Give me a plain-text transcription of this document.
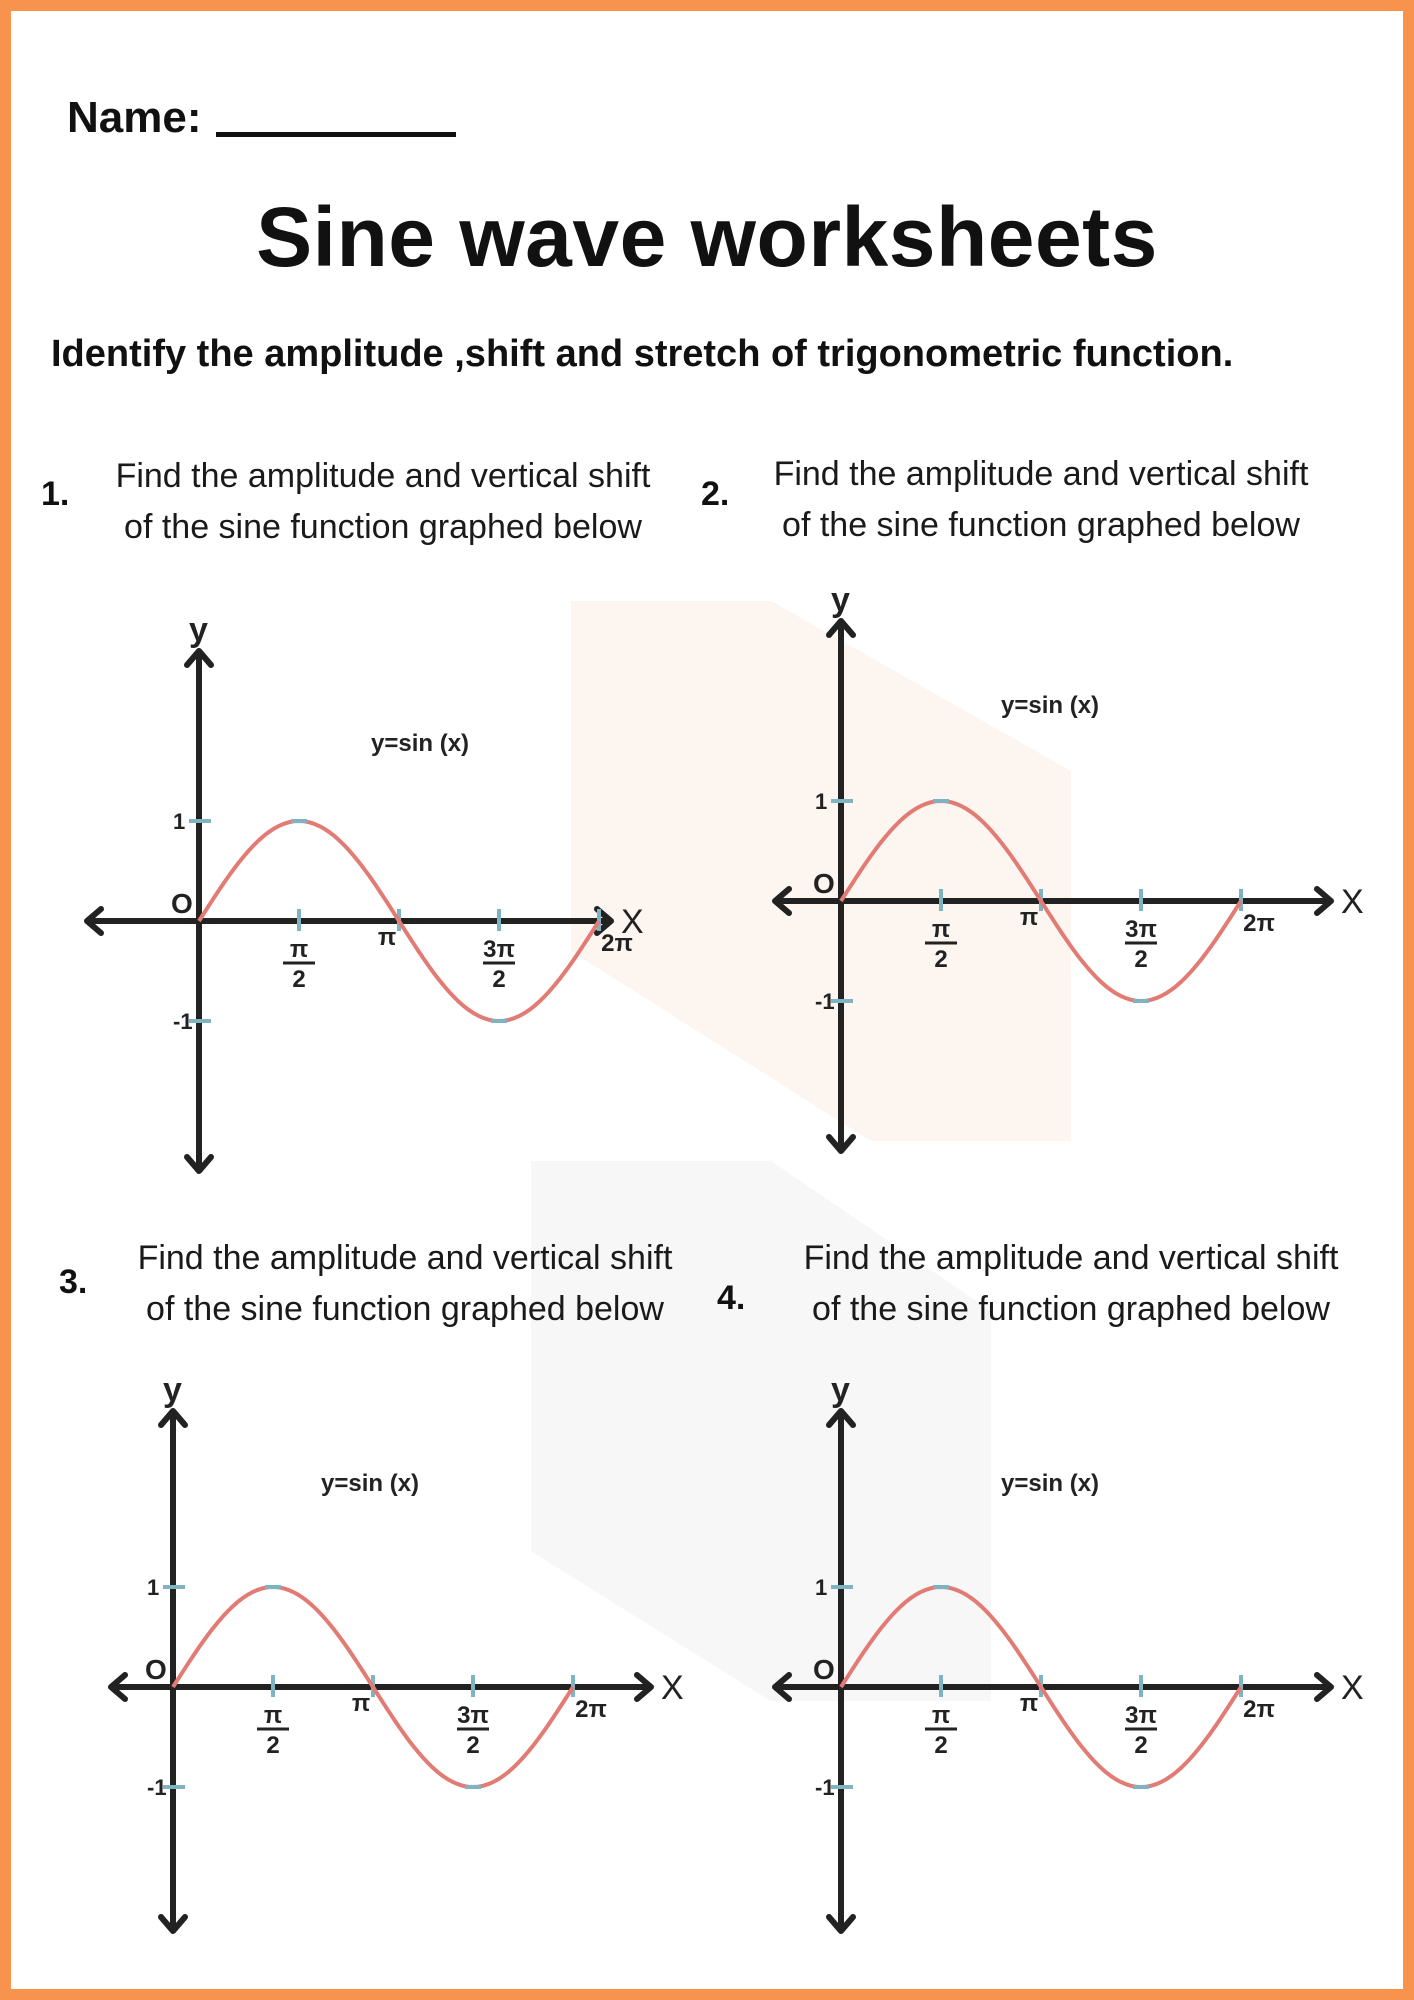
Name:
Sine wave worksheets
Identify the amplitude ,shift and stretch of trigonometric function.
1.	Find the amplitude and vertical shift
of the sine function graphed below
2.
Find the amplitude and vertical shift
of the sine function graphed below
3.
Find the amplitude and vertical shift
of the sine function graphed below	4.
Find the amplitude and vertical shift
of the sine function graphed below
X
y
O
y=sin (x)
1
-1
π
2
π	3π
2
2π
X
y
O
y=sin (x)
1
-1
π
2
π	3π
2
2π
X
y
O
y=sin (x)
1
-1
π
2
π	3π
2
2π
X
y
O
y=sin (x)
1
-1
π
2
π	3π
2
2π
